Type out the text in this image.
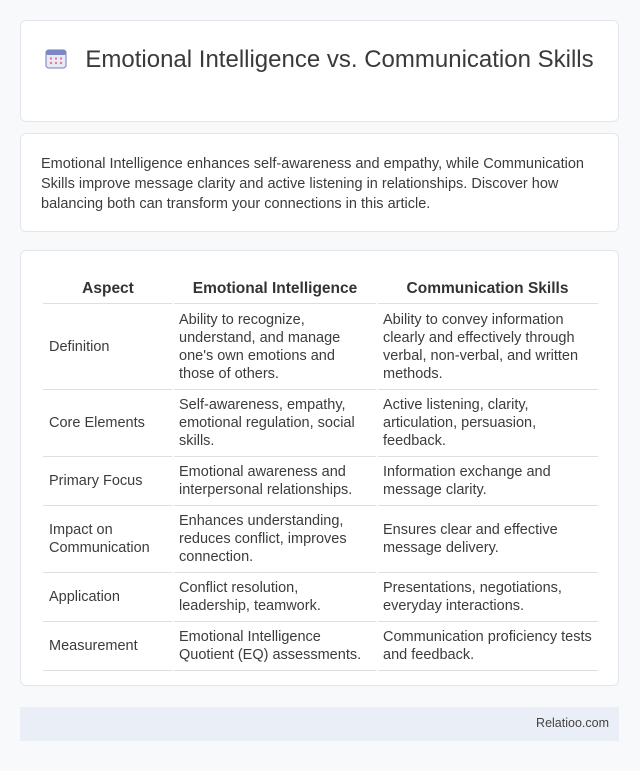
Emotional Intelligence vs. Communication Skills
Emotional Intelligence enhances self-awareness and empathy, while Communication Skills improve message clarity and active listening in relationships. Discover how balancing both can transform your connections in this article.
Aspect	Emotional Intelligence	Communication Skills
Definition	Ability to recognize, understand, and manage one's own emotions and those of others.	Ability to convey information clearly and effectively through verbal, non-verbal, and written methods.
Core Elements	Self-awareness, empathy, emotional regulation, social skills.	Active listening, clarity, articulation, persuasion, feedback.
Primary Focus	Emotional awareness and interpersonal relationships.	Information exchange and message clarity.
Impact on Communication	Enhances understanding, reduces conflict, improves connection.	Ensures clear and effective message delivery.
Application	Conflict resolution, leadership, teamwork.	Presentations, negotiations, everyday interactions.
Measurement	Emotional Intelligence Quotient (EQ) assessments.	Communication proficiency tests and feedback.
Relatioo.com
